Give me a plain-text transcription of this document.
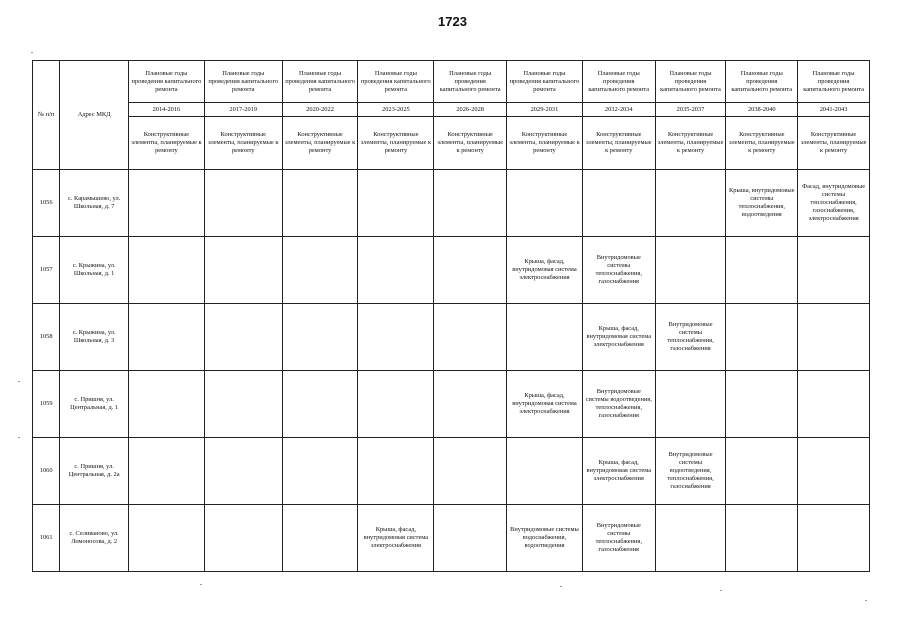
1723
№ п/п	Адрес МКД	Плановые годы проведения капитального ремонта	Плановые годы проведения капитального ремонта	Плановые годы проведения капитального ремонта	Плановые годы проведения капитального ремонта	Плановые годы проведения капитального ремонта	Плановые годы проведения капитального ремонта	Плановые годы проведения капитального ремонта	Плановые годы проведения капитального ремонта	Плановые годы проведения капитального ремонта	Плановые годы проведения капитального ремонта
		2014-2016	2017-2019	2020-2022	2023-2025	2026-2028	2029-2031	2032-2034	2035-2037	2038-2040	2041-2043
		Конструктивные элементы, планируемые к ремонту	Конструктивные элементы, планируемые к ремонту	Конструктивные элементы, планируемые к ремонту	Конструктивные элементы, планируемые к ремонту	Конструктивные элементы, планируемые к ремонту	Конструктивные элементы, планируемые к ремонту	Конструктивные элементы, планируемые к ремонту	Конструктивные элементы, планируемые к ремонту	Конструктивные элементы, планируемые к ремонту	Конструктивные элементы, планируемые к ремонту
1056	с. Карамышево, ул. Школьная, д. 7									Крыша, внутридомовые системы теплоснабжения, водоотведения	Фасад, внутридомовые системы теплоснабжения, газоснабжения, электроснабжения
1057	с. Крыжина, ул. Школьная, д. 1						Крыша, фасад, внутридомовая система электроснабжения	Внутридомовые системы теплоснабжения, газоснабжения			
1058	с. Крыжина, ул. Школьная, д. 3							Крыша, фасад, внутридомовая система электроснабжения	Внутридомовые системы теплоснабжения, газоснабжения		
1059	с. Пришня, ул. Центральная, д. 1						Крыша, фасад, внутридомовая система электроснабжения	Внутридомовые системы водоотведения, теплоснабжения, газоснабжения			
1060	с. Пришня, ул. Центральная, д. 2а							Крыша, фасад, внутридомовая система электроснабжения	Внутридомовые системы водоотведения, теплоснабжения, газоснабжения		
1061	с. Селиваново, ул. Ломоносова, д. 2				Крыша, фасад, внутридомовая система электроснабжения		Внутридомовые системы водоснабжения, водоотведения	Внутридомовые системы теплоснабжения, газоснабжения			
